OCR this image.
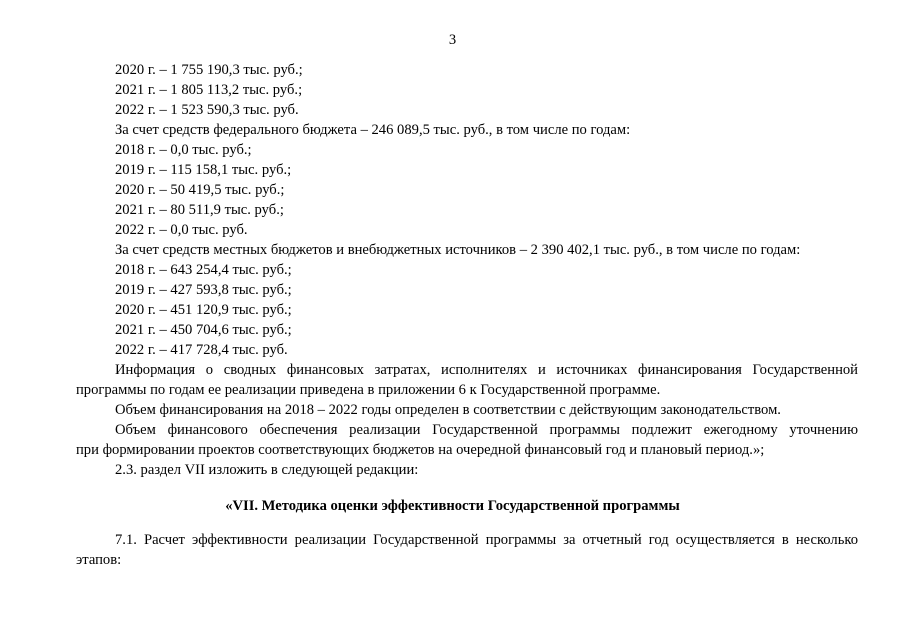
3
2020 г. – 1 755 190,3 тыс. руб.;
2021 г. – 1 805 113,2 тыс. руб.;
2022 г. – 1 523 590,3 тыс. руб.
За счет средств федерального бюджета – 246 089,5 тыс. руб., в том числе по годам:
2018 г. – 0,0 тыс. руб.;
2019 г. – 115 158,1 тыс. руб.;
2020 г. – 50 419,5 тыс. руб.;
2021 г. – 80 511,9 тыс. руб.;
2022 г. – 0,0 тыс. руб.
За счет средств местных бюджетов и внебюджетных источников – 2 390 402,1 тыс. руб., в том числе по годам:
2018 г. – 643 254,4 тыс. руб.;
2019 г. – 427 593,8 тыс. руб.;
2020 г. – 451 120,9 тыс. руб.;
2021 г. – 450 704,6 тыс. руб.;
2022 г. – 417 728,4 тыс. руб.
Информация о сводных финансовых затратах, исполнителях и источниках финансирования Государственной
программы по годам ее реализации приведена в приложении 6 к Государственной программе.
Объем финансирования на 2018 – 2022 годы определен в соответствии с действующим законодательством.
Объем финансового обеспечения реализации Государственной программы подлежит ежегодному уточнению
при формировании проектов соответствующих бюджетов на очередной финансовый год и плановый период.»;
2.3. раздел VII изложить в следующей редакции:
«VII. Методика оценки эффективности Государственной программы
7.1. Расчет эффективности реализации Государственной программы за отчетный год осуществляется в несколько
этапов:
